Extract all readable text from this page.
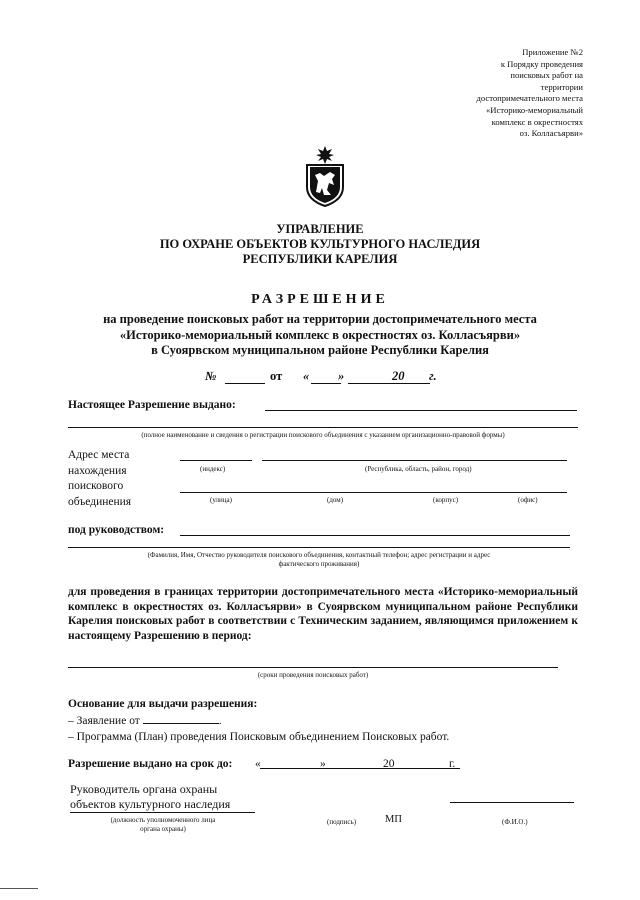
Приложение №2
к Порядку проведения
поисковых работ на
территории
достопримечательного места
«Историко-мемориальный
комплекс в окрестностях
оз. Колласъярви»
УПРАВЛЕНИЕ
ПО ОХРАНЕ ОБЪЕКТОВ КУЛЬТУРНОГО НАСЛЕДИЯ
РЕСПУБЛИКИ КАРЕЛИЯ
РАЗРЕШЕНИЕ
на проведение поисковых работ на территории достопримечательного места
«Историко-мемориальный комплекс в окрестностях оз. Колласъярви»
в Суоярвском муниципальном районе Республики Карелия
№	от « »	20 г.
Настоящее Разрешение выдано:
(полное наименование и сведения о регистрации поискового объединения с указанием организационно-правовой формы)
Адрес места
нахождения
поискового
объединения
(индекс)	(Республика, область, район, город)
(улица)	(дом)	(корпус)	(офис)
под руководством:
(Фамилия, Имя, Отчество руководителя поискового объединения, контактный телефон; адрес регистрации и адрес
фактического проживания)
для проведения в границах территории достопримечательного места «Историко-мемориальный комплекс в окрестностях оз. Колласъярви» в Суоярвском муниципальном районе Республики Карелия поисковых работ в соответствии с Техническим заданием, являющимся приложением к настоящему Разрешению в период:
(сроки проведения поисковых работ)
Основание для выдачи разрешения:
– Заявление от	.
– Программа (План) проведения Поисковым объединением Поисковых работ.
Разрешение выдано на срок до: «	»	20	г.
Руководитель органа охраны
объектов культурного наследия
(должность уполномоченного лица
органа охраны)
(подпись)	МП	(Ф.И.О.)
